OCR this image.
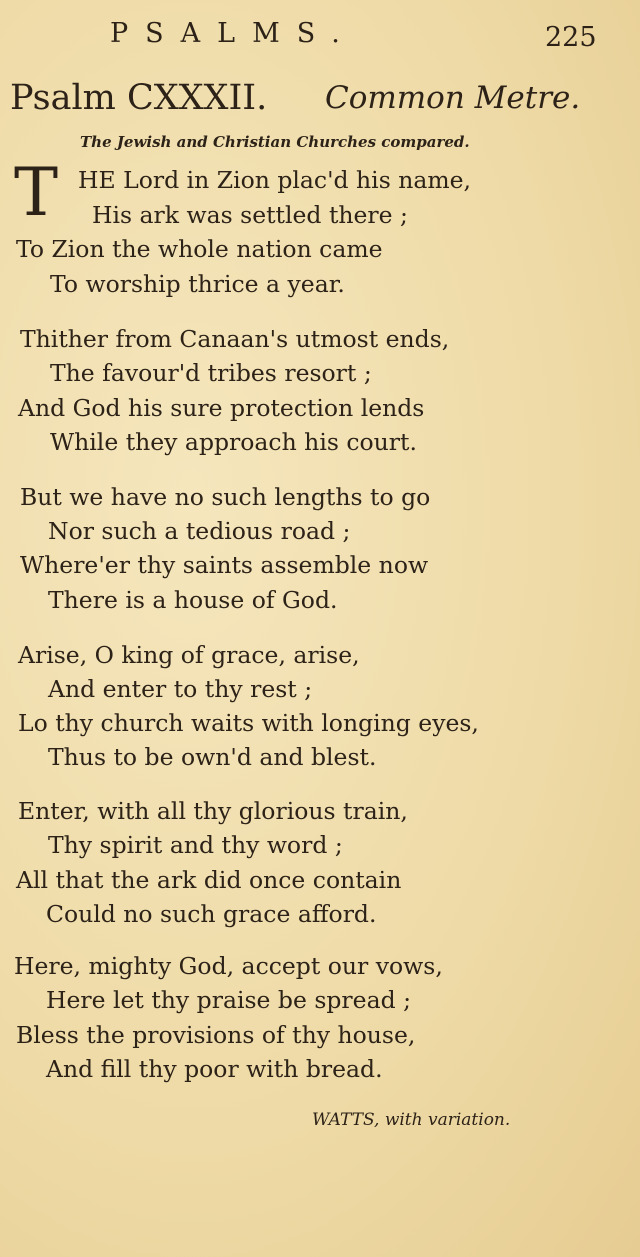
PSALMS.	225
Psalm CXXXII. Common Metre.
The Jewish and Christian Churches compared.
T HE Lord in Zion plac'd his name,
His ark was settled there ;
To Zion the whole nation came
To worship thrice a year.
Thither from Canaan's utmost ends,
The favour'd tribes resort ;
And God his sure protection lends
While they approach his court.
But we have no such lengths to go
Nor such a tedious road ;
Where'er thy saints assemble now
There is a house of God.
Arise, O king of grace, arise,
And enter to thy rest ;
Lo thy church waits with longing eyes,
Thus to be own'd and blest.
Enter, with all thy glorious train,
Thy spirit and thy word ;
All that the ark did once contain
Could no such grace afford.
Here, mighty God, accept our vows,
Here let thy praise be spread ;
Bless the provisions of thy house,
And fill thy poor with bread.
WATTS, with variation.
